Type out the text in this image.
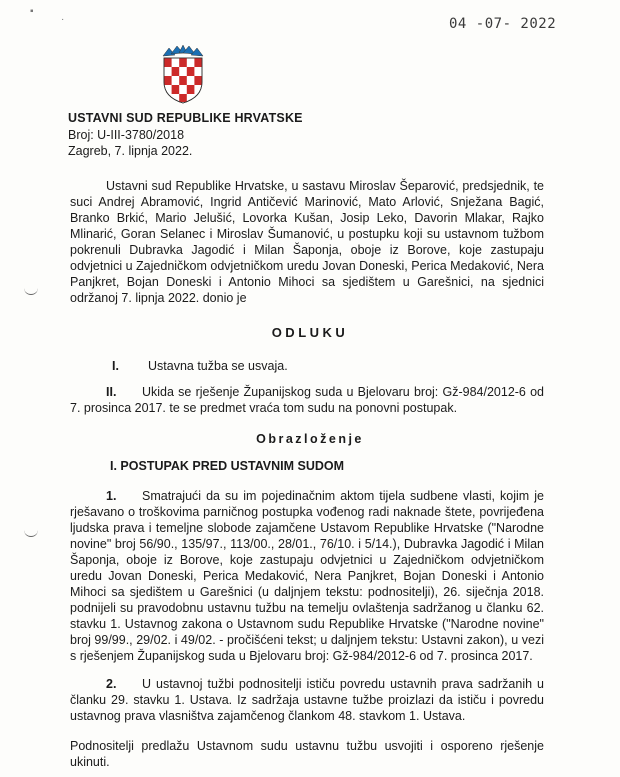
04 -07- 2022
▪
·
USTAVNI SUD REPUBLIKE HRVATSKE
Broj: U-III-3780/2018
Zagreb, 7. lipnja 2022.

Ustavni sud Republike Hrvatske, u sastavu Miroslav Šeparović, predsjednik, te suci Andrej Abramović, Ingrid Antičević Marinović, Mato Arlović, Snježana Bagić, Branko Brkić, Mario Jelušić, Lovorka Kušan, Josip Leko, Davorin Mlakar, Rajko Mlinarić, Goran Selanec i Miroslav Šumanović, u postupku koji su ustavnom tužbom pokrenuli Dubravka Jagodić i Milan Šaponja, oboje iz Borove, koje zastupaju odvjetnici u Zajedničkom odvjetničkom uredu Jovan Doneski, Perica Medaković, Nera Panjkret, Bojan Doneski i Antonio Mihoci sa sjedištem u Garešnici, na sjednici održanoj 7. lipnja 2022. donio je

ODLUKU

I. Ustavna tužba se usvaja.

II. Ukida se rješenje Županijskog suda u Bjelovaru broj: Gž-984/2012-6 od 7. prosinca 2017. te se predmet vraća tom sudu na ponovni postupak.

Obrazloženje
I. POSTUPAK PRED USTAVNIM SUDOM

1. Smatrajući da su im pojedinačnim aktom tijela sudbene vlasti, kojim je rješavano o troškovima parničnog postupka vođenog radi naknade štete, povrijeđena ljudska prava i temeljne slobode zajamčene Ustavom Republike Hrvatske ("Narodne novine" broj 56/90., 135/97., 113/00., 28/01., 76/10. i 5/14.), Dubravka Jagodić i Milan Šaponja, oboje iz Borove, koje zastupaju odvjetnici u Zajedničkom odvjetničkom uredu Jovan Doneski, Perica Medaković, Nera Panjkret, Bojan Doneski i Antonio Mihoci sa sjedištem u Garešnici (u daljnjem tekstu: podnositelji), 26. siječnja 2018. podnijeli su pravodobnu ustavnu tužbu na temelju ovlaštenja sadržanog u članku 62. stavku 1. Ustavnog zakona o Ustavnom sudu Republike Hrvatske ("Narodne novine" broj 99/99., 29/02. i 49/02. - pročišćeni tekst; u daljnjem tekstu: Ustavni zakon), u vezi s rješenjem Županijskog suda u Bjelovaru broj: Gž-984/2012-6 od 7. prosinca 2017.

2. U ustavnoj tužbi podnositelji ističu povredu ustavnih prava sadržanih u članku 29. stavku 1. Ustava. Iz sadržaja ustavne tužbe proizlazi da ističu i povredu ustavnog prava vlasništva zajamčenog člankom 48. stavkom 1. Ustava.

Podnositelji predlažu Ustavnom sudu ustavnu tužbu usvojiti i osporeno rješenje ukinuti.
